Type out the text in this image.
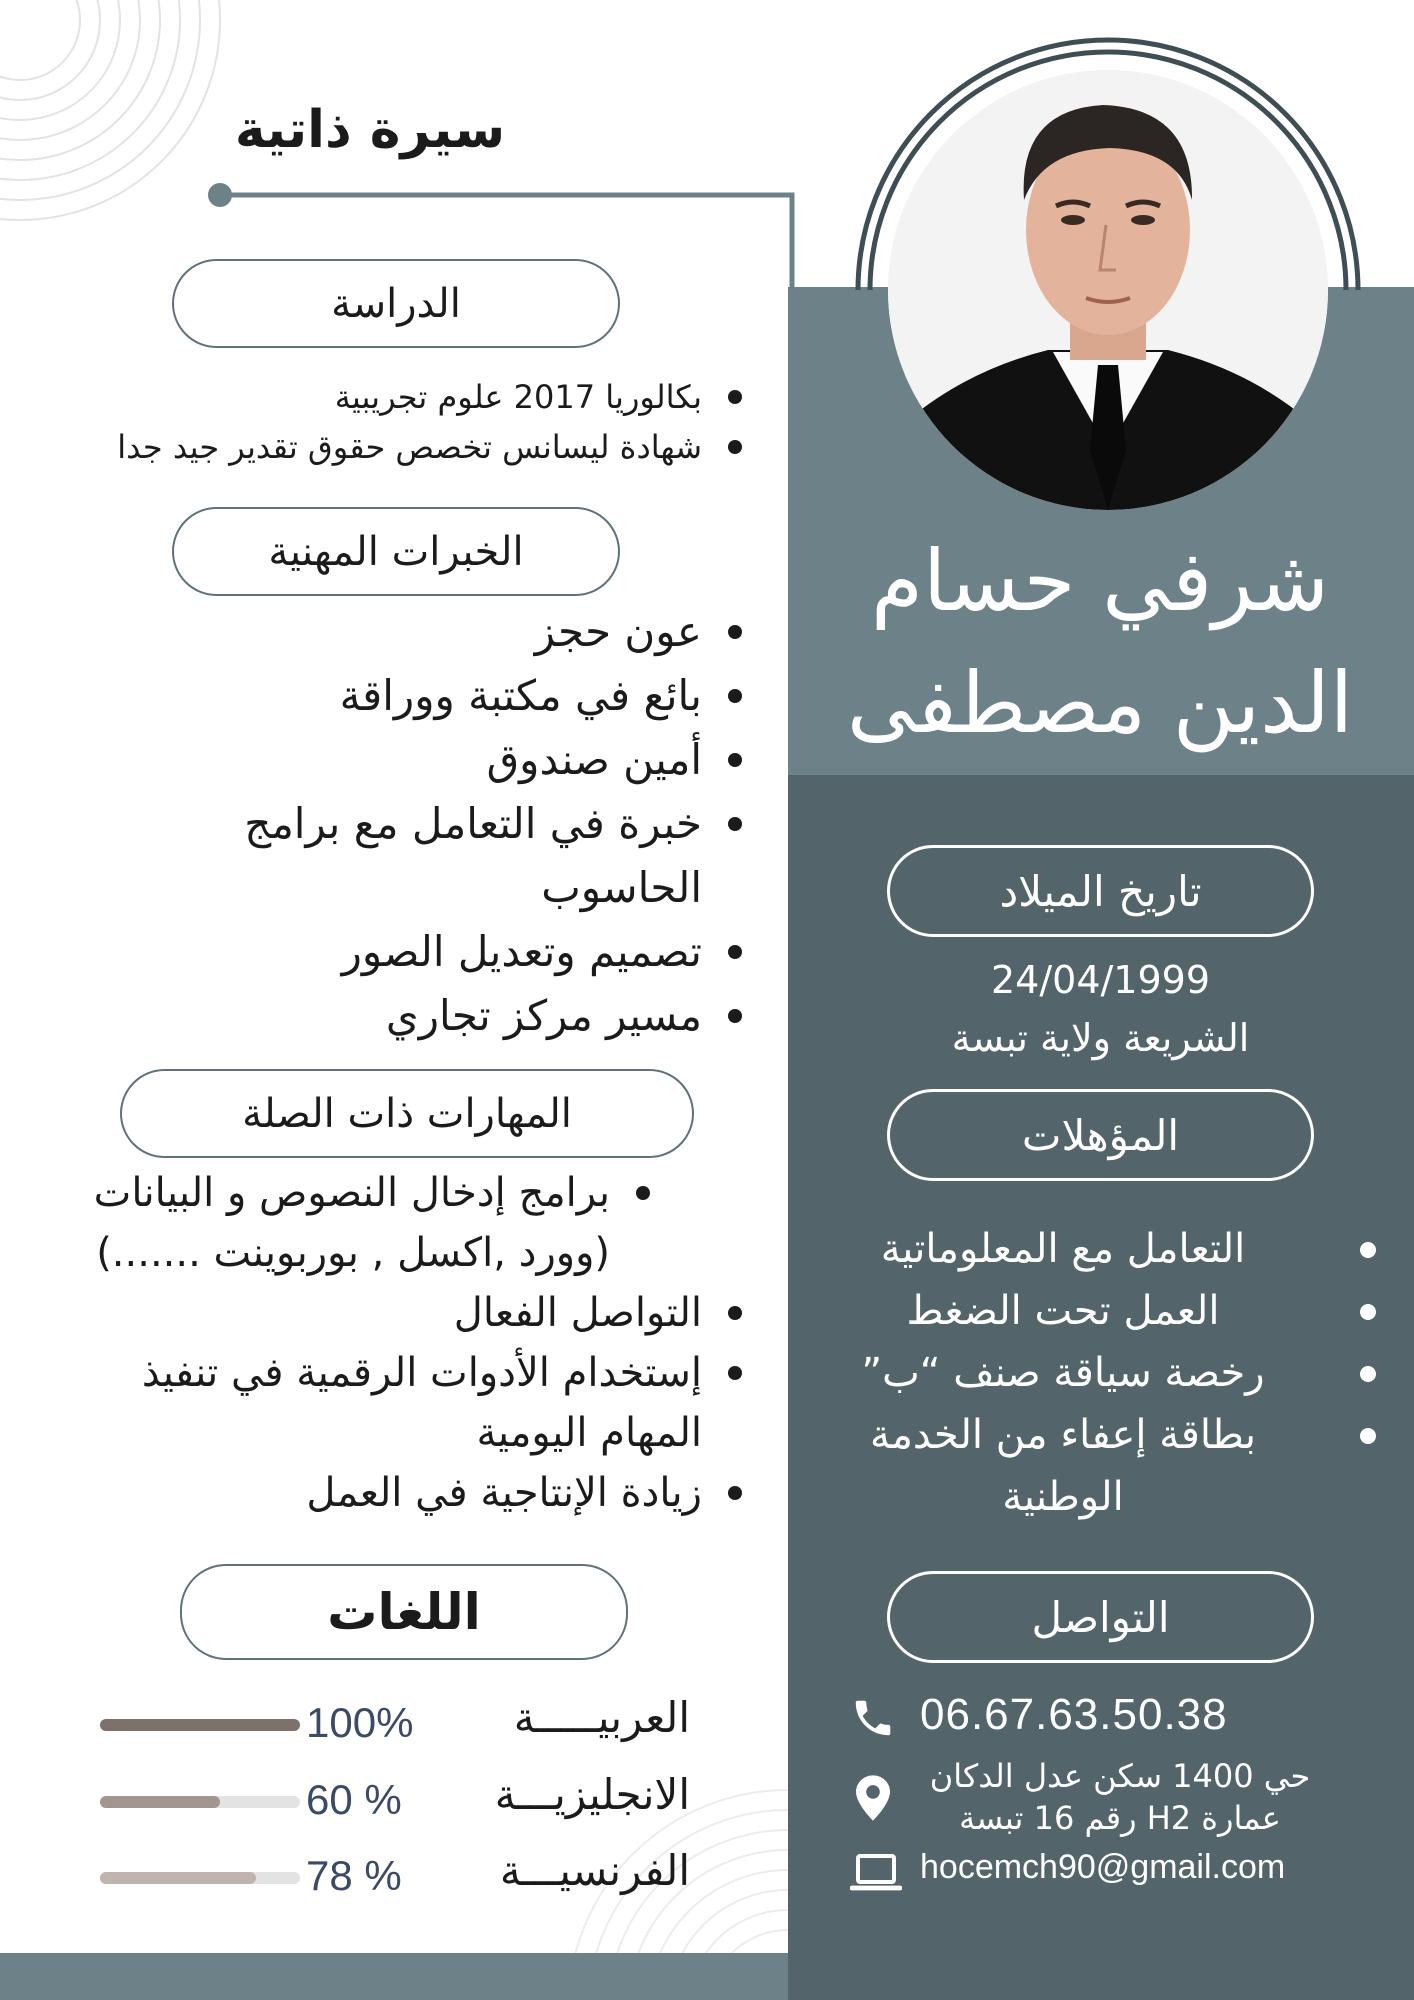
سيرة ذاتية
الدراسة
بكالوريا 2017 علوم تجريبية
شهادة ليسانس تخصص حقوق تقدير جيد جدا
الخبرات المهنية
عون حجز
بائع في مكتبة ووراقة
أمين صندوق
خبرة في التعامل مع برامج الحاسوب
تصميم وتعديل الصور
مسير مركز تجاري
المهارات ذات الصلة
برامج إدخال النصوص و البيانات (وورد ,اكسل , بوربوينت .......)
التواصل الفعال
إستخدام الأدوات الرقمية في تنفيذ المهام اليومية
زيادة الإنتاجية في العمل
اللغات
100% العربيـــــة
60 % الانجليزيـــة
78 % الفرنسيـــة
شرفي حسام
الدين مصطفى
تاريخ الميلاد
24/04/1999
الشريعة ولاية تبسة
المؤهلات
التعامل مع المعلوماتية
العمل تحت الضغط
رخصة سياقة صنف “ب”
بطاقة إعفاء من الخدمة الوطنية
التواصل
06.67.63.50.38
حي 1400 سكن عدل الدكان
عمارة H2 رقم 16 تبسة
hocemch90@gmail.com
